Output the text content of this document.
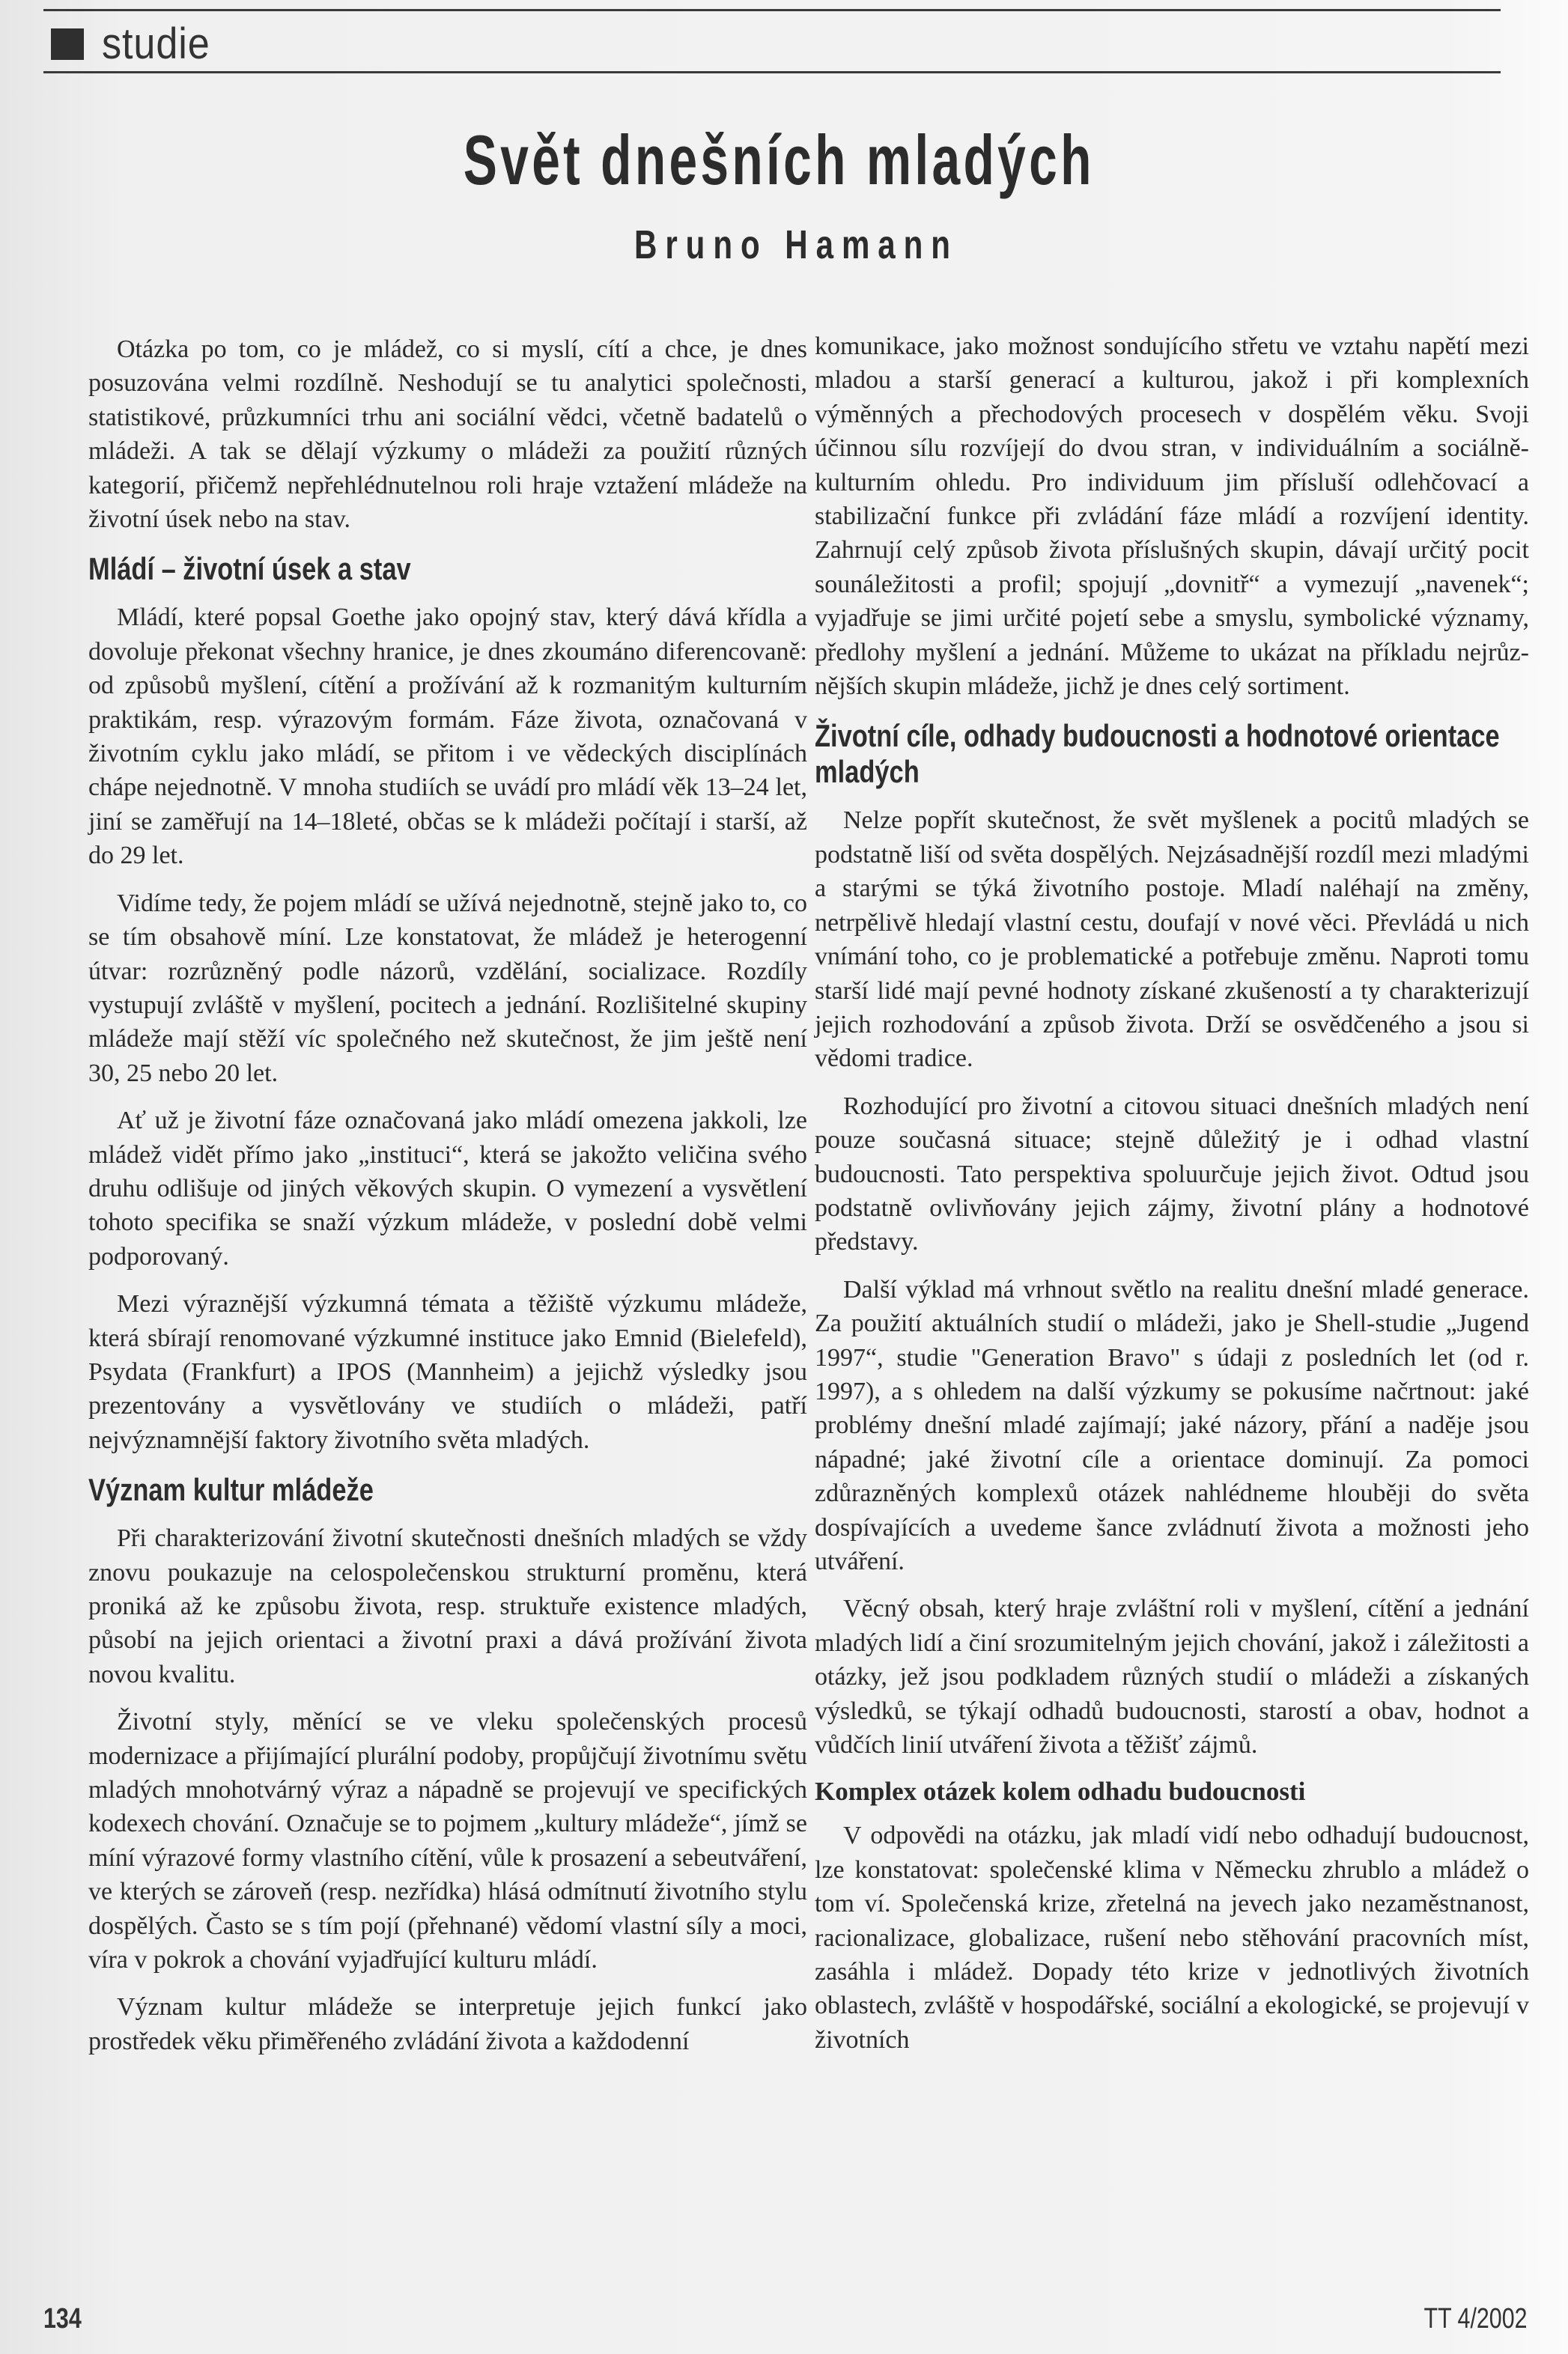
studie
Svět dnešních mladých
Bruno Hamann

Otázka po tom, co je mládež, co si myslí, cítí a chce, je dnes posuzována velmi rozdílně. Neshodují se tu analytici společnosti, statistikové, průzkumníci trhu ani sociální vědci, včetně badatelů o mládeži. A tak se dělají výzkumy o mládeži za použití různých kategorií, přičemž nepřehlédnutelnou roli hraje vztažení mládeže na životní úsek nebo na stav.

Mládí – životní úsek a stav

Mládí, které popsal Goethe jako opojný stav, který dává křídla a dovoluje překonat všechny hranice, je dnes zkoumáno diferencovaně: od způsobů myšlení, cítění a prožívání až k rozmanitým kulturním praktikám, resp. výrazovým formám. Fáze života, označovaná v životním cyklu jako mládí, se přitom i ve vědeckých disciplínách chápe nejednotně. V mnoha studiích se uvádí pro mládí věk 13–24 let, jiní se zaměřují na 14–18leté, občas se k mládeži počítají i starší, až do 29 let.

Vidíme tedy, že pojem mládí se užívá nejednotně, stejně jako to, co se tím obsahově míní. Lze konstatovat, že mládež je heterogenní útvar: rozrůzněný podle názorů, vzdělání, socializace. Rozdíly vystupují zvláště v myšlení, pocitech a jednání. Rozlišitelné skupiny mládeže mají stěží víc společného než skutečnost, že jim ještě není 30, 25 nebo 20 let.

Ať už je životní fáze označovaná jako mládí omezena jakkoli, lze mládež vidět přímo jako „instituci“, která se jakožto veličina svého druhu odlišuje od jiných věkových skupin. O vymezení a vysvětlení tohoto specifika se snaží výzkum mládeže, v poslední době velmi podporovaný.

Mezi výraznější výzkumná témata a těžiště výzkumu mládeže, která sbírají renomované výzkumné instituce jako Emnid (Bielefeld), Psydata (Frankfurt) a IPOS (Mannheim) a jejichž výsledky jsou prezentovány a vysvětlovány ve studiích o mládeži, patří nejvýznamnější faktory životního světa mladých.

Význam kultur mládeže

Při charakterizování životní skutečnosti dnešních mladých se vždy znovu poukazuje na celospolečenskou strukturní proměnu, která proniká až ke způsobu života, resp. struktuře existence mladých, působí na jejich orientaci a životní praxi a dává prožívání života novou kvalitu.

Životní styly, měnící se ve vleku společenských procesů modernizace a přijímající plurální podoby, propůjčují životnímu světu mladých mnohotvárný výraz a nápadně se projevují ve specifických kodexech chování. Označuje se to pojmem „kultury mládeže“, jímž se míní výrazové formy vlastního cítění, vůle k prosazení a sebeutváření, ve kterých se zároveň (resp. nezřídka) hlásá odmítnutí životního stylu dospělých. Často se s tím pojí (přehnané) vědomí vlastní síly a moci, víra v pokrok a chování vyjadřující kulturu mládí.

Význam kultur mládeže se interpretuje jejich funkcí jako prostředek věku přiměřeného zvládání života a každodenní

komunikace, jako možnost sondujícího střetu ve vztahu napětí mezi mladou a starší generací a kulturou, jakož i při komplexních výměnných a přechodových procesech v dospělém věku. Svoji účinnou sílu rozvíjejí do dvou stran, v individuálním a sociálně-kulturním ohledu. Pro individuum jim přísluší odlehčovací a stabilizační funkce při zvládání fáze mládí a rozvíjení identity. Zahrnují celý způsob života příslušných skupin, dávají určitý pocit sounáležitosti a profil; spojují „dovnitř“ a vymezují „navenek“; vyjadřuje se jimi určité pojetí sebe a smyslu, symbolické významy, předlohy myšlení a jednání. Můžeme to ukázat na příkladu nejrůznějších skupin mládeže, jichž je dnes celý sortiment.

Životní cíle, odhady budoucnosti a hodnotové orientace mladých

Nelze popřít skutečnost, že svět myšlenek a pocitů mladých se podstatně liší od světa dospělých. Nejzásadnější rozdíl mezi mladými a starými se týká životního postoje. Mladí naléhají na změny, netrpělivě hledají vlastní cestu, doufají v nové věci. Převládá u nich vnímání toho, co je problematické a potřebuje změnu. Naproti tomu starší lidé mají pevné hodnoty získané zkušeností a ty charakterizují jejich rozhodování a způsob života. Drží se osvědčeného a jsou si vědomi tradice.

Rozhodující pro životní a citovou situaci dnešních mladých není pouze současná situace; stejně důležitý je i odhad vlastní budoucnosti. Tato perspektiva spoluurčuje jejich život. Odtud jsou podstatně ovlivňovány jejich zájmy, životní plány a hodnotové představy.

Další výklad má vrhnout světlo na realitu dnešní mladé generace. Za použití aktuálních studií o mládeži, jako je Shell-studie „Jugend 1997“, studie "Generation Bravo" s údaji z posledních let (od r. 1997), a s ohledem na další výzkumy se pokusíme načrtnout: jaké problémy dnešní mladé zajímají; jaké názory, přání a naděje jsou nápadné; jaké životní cíle a orientace dominují. Za pomoci zdůrazněných komplexů otázek nahlédneme hlouběji do světa dospívajících a uvedeme šance zvládnutí života a možnosti jeho utváření.

Věcný obsah, který hraje zvláštní roli v myšlení, cítění a jednání mladých lidí a činí srozumitelným jejich chování, jakož i záležitosti a otázky, jež jsou podkladem různých studií o mládeži a získaných výsledků, se týkají odhadů budoucnosti, starostí a obav, hodnot a vůdčích linií utváření života a těžišť zájmů.

Komplex otázek kolem odhadu budoucnosti

V odpovědi na otázku, jak mladí vidí nebo odhadují budoucnost, lze konstatovat: společenské klima v Německu zhrublo a mládež o tom ví. Společenská krize, zřetelná na jevech jako nezaměstnanost, racionalizace, globalizace, rušení nebo stěhování pracovních míst, zasáhla i mládež. Dopady této krize v jednotlivých životních oblastech, zvláště v hospodářské, sociální a ekologické, se projevují v životních

134	TT 4/2002
